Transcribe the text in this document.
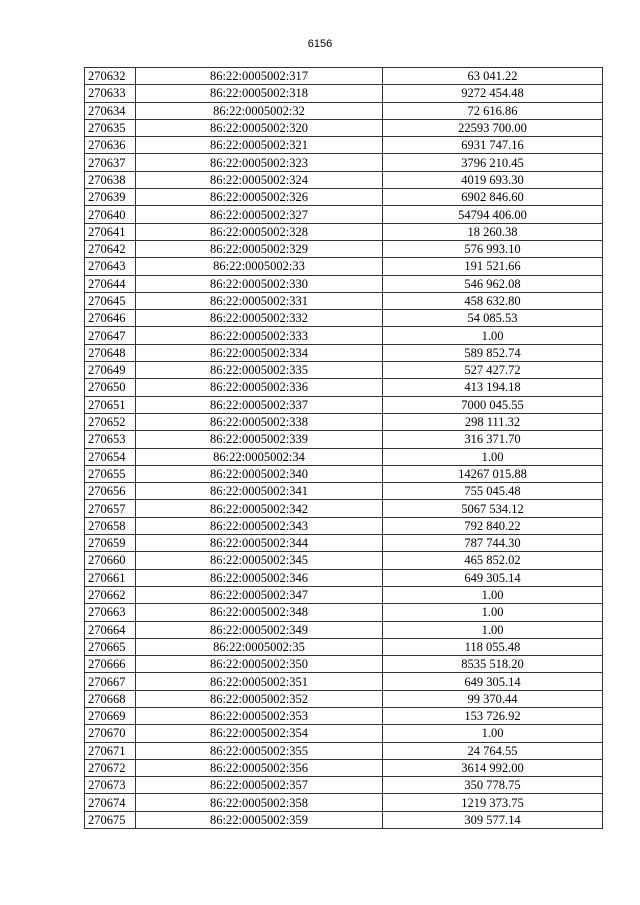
6156
270632	86:22:0005002:317	63 041.22
270633	86:22:0005002:318	9272 454.48
270634	86:22:0005002:32	72 616.86
270635	86:22:0005002:320	22593 700.00
270636	86:22:0005002:321	6931 747.16
270637	86:22:0005002:323	3796 210.45
270638	86:22:0005002:324	4019 693.30
270639	86:22:0005002:326	6902 846.60
270640	86:22:0005002:327	54794 406.00
270641	86:22:0005002:328	18 260.38
270642	86:22:0005002:329	576 993.10
270643	86:22:0005002:33	191 521.66
270644	86:22:0005002:330	546 962.08
270645	86:22:0005002:331	458 632.80
270646	86:22:0005002:332	54 085.53
270647	86:22:0005002:333	1.00
270648	86:22:0005002:334	589 852.74
270649	86:22:0005002:335	527 427.72
270650	86:22:0005002:336	413 194.18
270651	86:22:0005002:337	7000 045.55
270652	86:22:0005002:338	298 111.32
270653	86:22:0005002:339	316 371.70
270654	86:22:0005002:34	1.00
270655	86:22:0005002:340	14267 015.88
270656	86:22:0005002:341	755 045.48
270657	86:22:0005002:342	5067 534.12
270658	86:22:0005002:343	792 840.22
270659	86:22:0005002:344	787 744.30
270660	86:22:0005002:345	465 852.02
270661	86:22:0005002:346	649 305.14
270662	86:22:0005002:347	1.00
270663	86:22:0005002:348	1.00
270664	86:22:0005002:349	1.00
270665	86:22:0005002:35	118 055.48
270666	86:22:0005002:350	8535 518.20
270667	86:22:0005002:351	649 305.14
270668	86:22:0005002:352	99 370.44
270669	86:22:0005002:353	153 726.92
270670	86:22:0005002:354	1.00
270671	86:22:0005002:355	24 764.55
270672	86:22:0005002:356	3614 992.00
270673	86:22:0005002:357	350 778.75
270674	86:22:0005002:358	1219 373.75
270675	86:22:0005002:359	309 577.14
